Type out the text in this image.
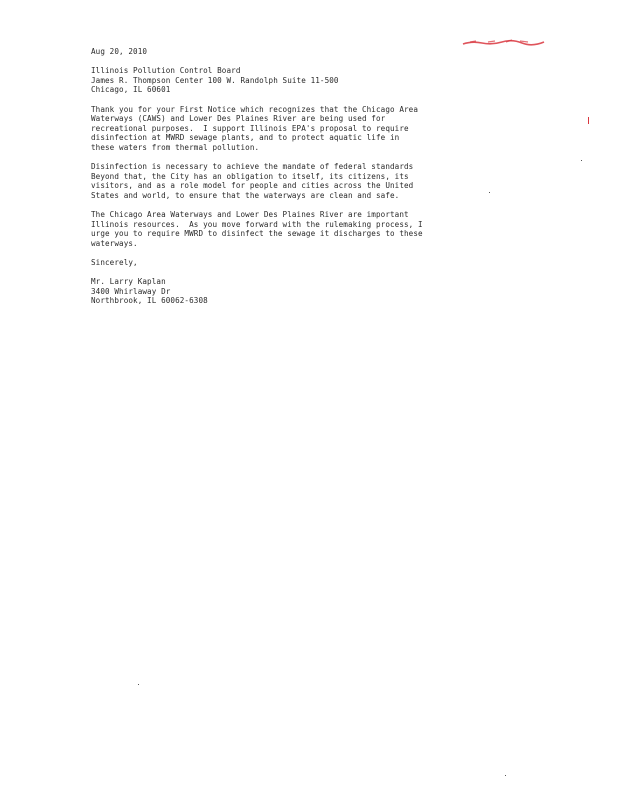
Aug 20, 2010
Illinois Pollution Control Board
James R. Thompson Center 100 W. Randolph Suite 11-500
Chicago, IL 60601
Thank you for your First Notice which recognizes that the Chicago Area
Waterways (CAWS) and Lower Des Plaines River are being used for
recreational purposes.  I support Illinois EPA's proposal to require
disinfection at MWRD sewage plants, and to protect aquatic life in
these waters from thermal pollution.
Disinfection is necessary to achieve the mandate of federal standards
Beyond that, the City has an obligation to itself, its citizens, its
visitors, and as a role model for people and cities across the United
States and world, to ensure that the waterways are clean and safe.
The Chicago Area Waterways and Lower Des Plaines River are important
Illinois resources.  As you move forward with the rulemaking process, I
urge you to require MWRD to disinfect the sewage it discharges to these
waterways.
Sincerely,
Mr. Larry Kaplan
3400 Whirlaway Dr
Northbrook, IL 60062-6308
